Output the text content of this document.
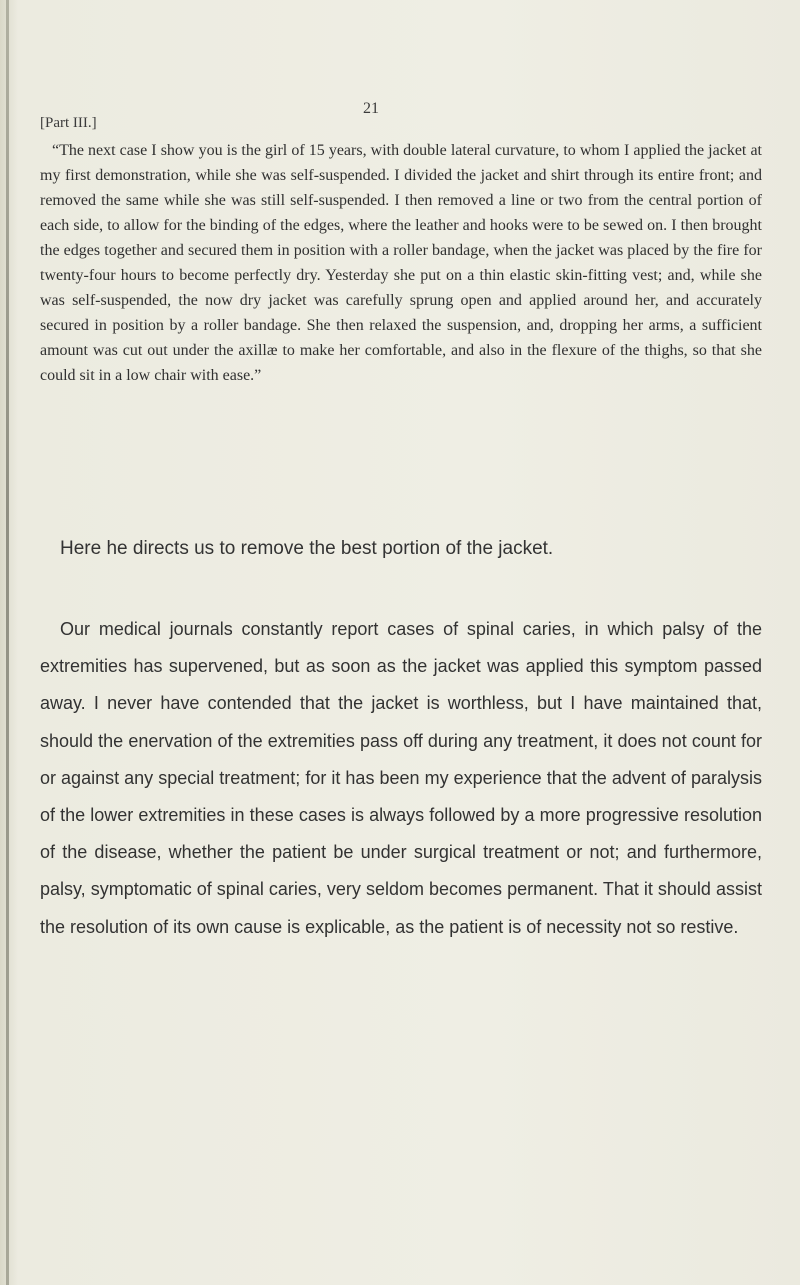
[Part III.]
21

“The next case I show you is the girl of 15 years, with double lateral curvature, to whom I applied the jacket at my first demonstration, while she was self-suspended. I divided the jacket and shirt through its entire front; and removed the same while she was still self-suspended. I then removed a line or two from the central portion of each side, to allow for the binding of the edges, where the leather and hooks were to be sewed on. I then brought the edges together and secured them in position with a roller bandage, when the jacket was placed by the fire for twenty-four hours to become perfectly dry. Yesterday she put on a thin elastic skin-fitting vest; and, while she was self-suspended, the now dry jacket was carefully sprung open and applied around her, and accurately secured in position by a roller bandage. She then relaxed the suspension, and, dropping her arms, a sufficient amount was cut out under the axillæ to make her comfortable, and also in the flexure of the thighs, so that she could sit in a low chair with ease.”

Here he directs us to remove the best portion of the jacket.

Our medical journals constantly report cases of spinal caries, in which palsy of the extremities has supervened, but as soon as the jacket was applied this symptom passed away. I never have contended that the jacket is worthless, but I have maintained that, should the enervation of the extremities pass off during any treatment, it does not count for or against any special treatment; for it has been my experience that the advent of paralysis of the lower extremities in these cases is always followed by a more progressive resolution of the disease, whether the patient be under surgical treatment or not; and furthermore, palsy, symptomatic of spinal caries, very seldom becomes permanent. That it should assist the resolution of its own cause is explicable, as the patient is of necessity not so restive.
